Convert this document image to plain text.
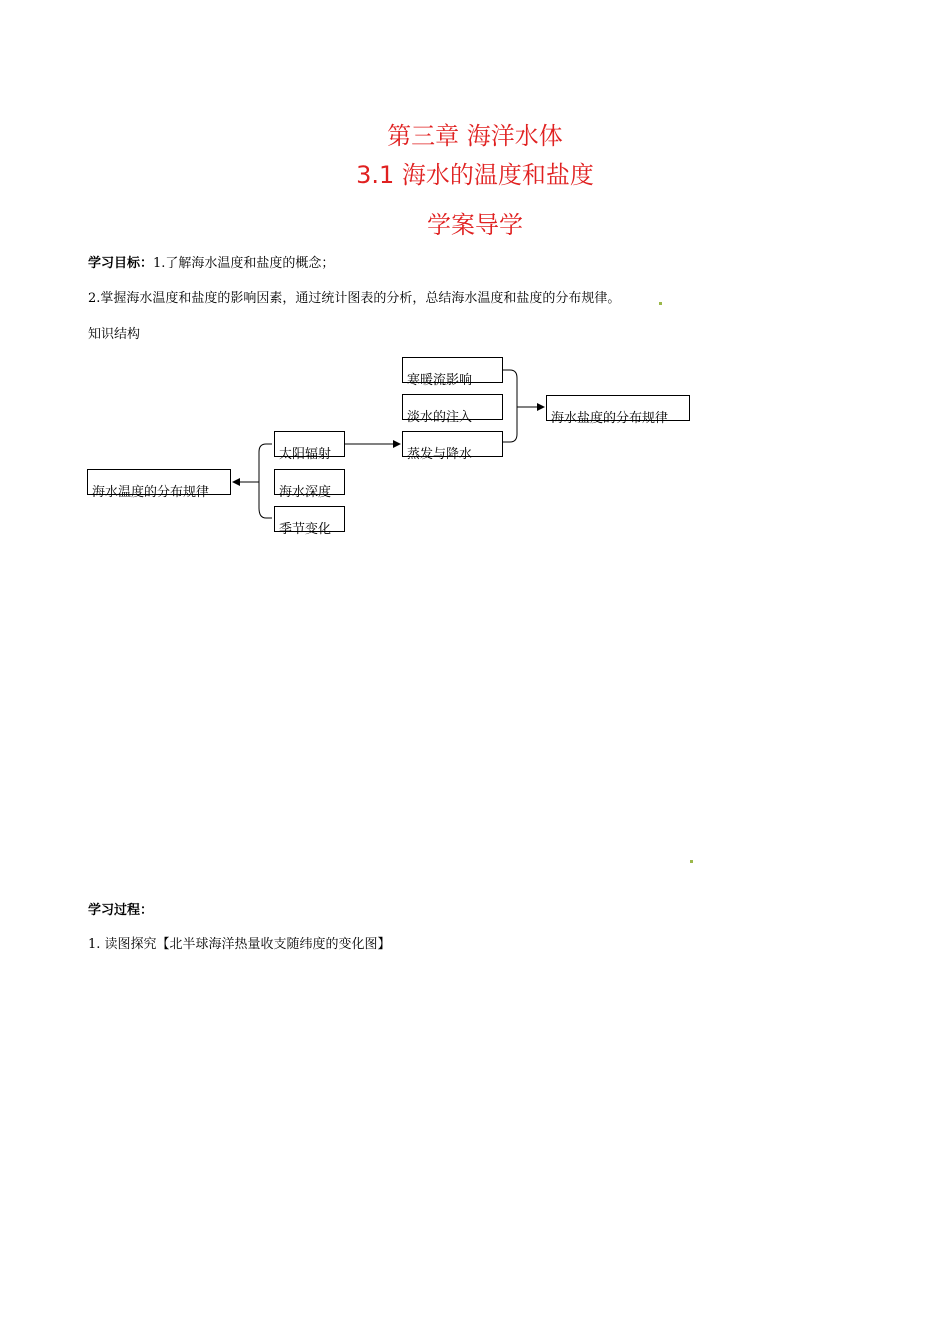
第三章 海洋水体
3.1 海水的温度和盐度
学案导学
学习目标：1.了解海水温度和盐度的概念；
2.掌握海水温度和盐度的影响因素，通过统计图表的分析，总结海水温度和盐度的分布规律。
知识结构
寒暖流影响
淡水的注入
蒸发与降水
海水盐度的分布规律
太阳辐射
海水深度
季节变化
海水温度的分布规律
学习过程：
1. 读图探究【北半球海洋热量收支随纬度的变化图】
